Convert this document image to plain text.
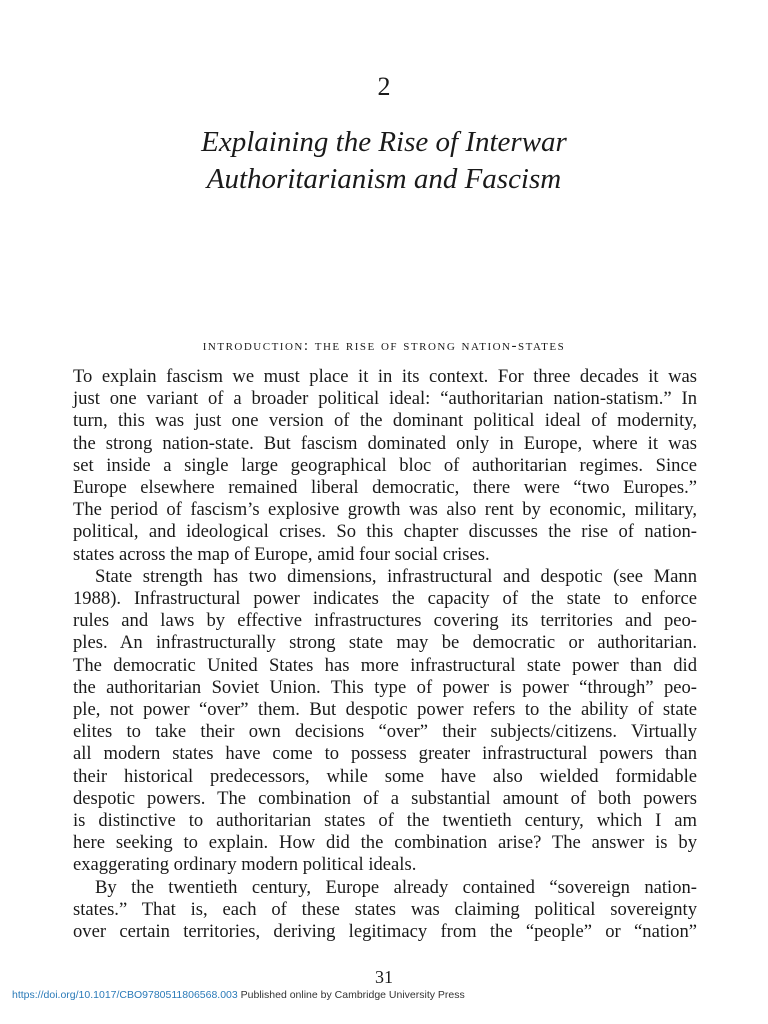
2
Explaining the Rise of Interwar
Authoritarianism and Fascism
introduction: the rise of strong nation-states

To explain fascism we must place it in its context. For three decades it was
just one variant of a broader political ideal: “authoritarian nation-statism.” In
turn, this was just one version of the dominant political ideal of modernity,
the strong nation-state. But fascism dominated only in Europe, where it was
set inside a single large geographical bloc of authoritarian regimes. Since
Europe elsewhere remained liberal democratic, there were “two Europes.”
The period of fascism’s explosive growth was also rent by economic, military,
political, and ideological crises. So this chapter discusses the rise of nation-
states across the map of Europe, amid four social crises.

State strength has two dimensions, infrastructural and despotic (see Mann
1988). Infrastructural power indicates the capacity of the state to enforce
rules and laws by effective infrastructures covering its territories and peo-
ples. An infrastructurally strong state may be democratic or authoritarian.
The democratic United States has more infrastructural state power than did
the authoritarian Soviet Union. This type of power is power “through” peo-
ple, not power “over” them. But despotic power refers to the ability of state
elites to take their own decisions “over” their subjects/citizens. Virtually
all modern states have come to possess greater infrastructural powers than
their historical predecessors, while some have also wielded formidable
despotic powers. The combination of a substantial amount of both powers
is distinctive to authoritarian states of the twentieth century, which I am
here seeking to explain. How did the combination arise? The answer is by
exaggerating ordinary modern political ideals.

By the twentieth century, Europe already contained “sovereign nation-
states.” That is, each of these states was claiming political sovereignty
over certain territories, deriving legitimacy from the “people” or “nation”

31
https://doi.org/10.1017/CBO9780511806568.003 Published online by Cambridge University Press
